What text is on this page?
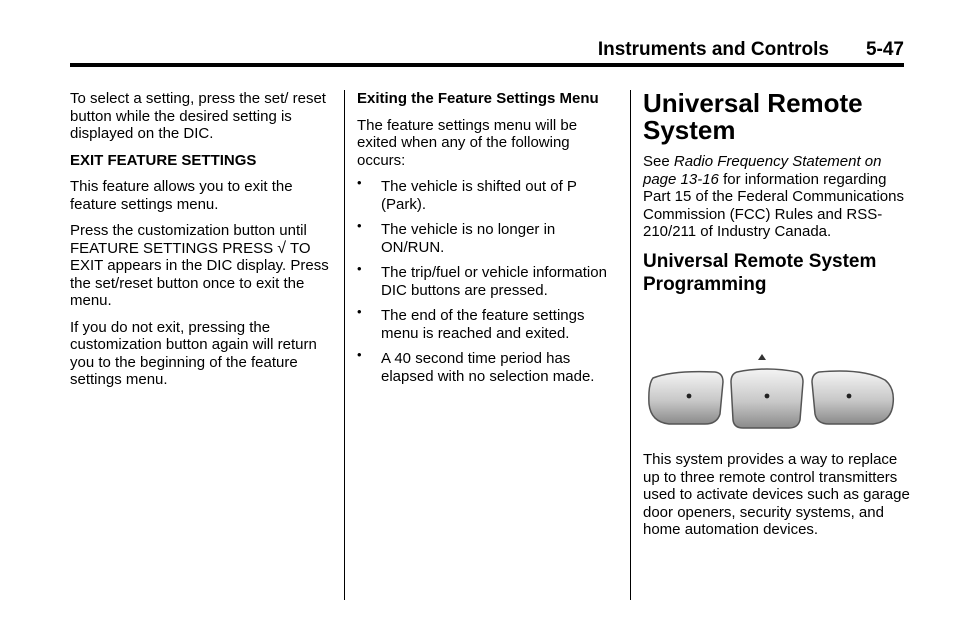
Instruments and Controls 5-47

To select a setting, press the set/ reset button while the desired setting is displayed on the DIC.

EXIT FEATURE SETTINGS

This feature allows you to exit the feature settings menu.

Press the customization button until FEATURE SETTINGS PRESS √ TO EXIT appears in the DIC display. Press the set/reset button once to exit the menu.

If you do not exit, pressing the customization button again will return you to the beginning of the feature settings menu.

Exiting the Feature Settings Menu

The feature settings menu will be exited when any of the following occurs:

• The vehicle is shifted out of P (Park).
• The vehicle is no longer in ON/RUN.
• The trip/fuel or vehicle information DIC buttons are pressed.
• The end of the feature settings menu is reached and exited.
• A 40 second time period has elapsed with no selection made.

Universal Remote System

See Radio Frequency Statement on page 13-16 for information regarding Part 15 of the Federal Communications Commission (FCC) Rules and RSS-210/211 of Industry Canada.

Universal Remote System Programming

This system provides a way to replace up to three remote control transmitters used to activate devices such as garage door openers, security systems, and home automation devices.
